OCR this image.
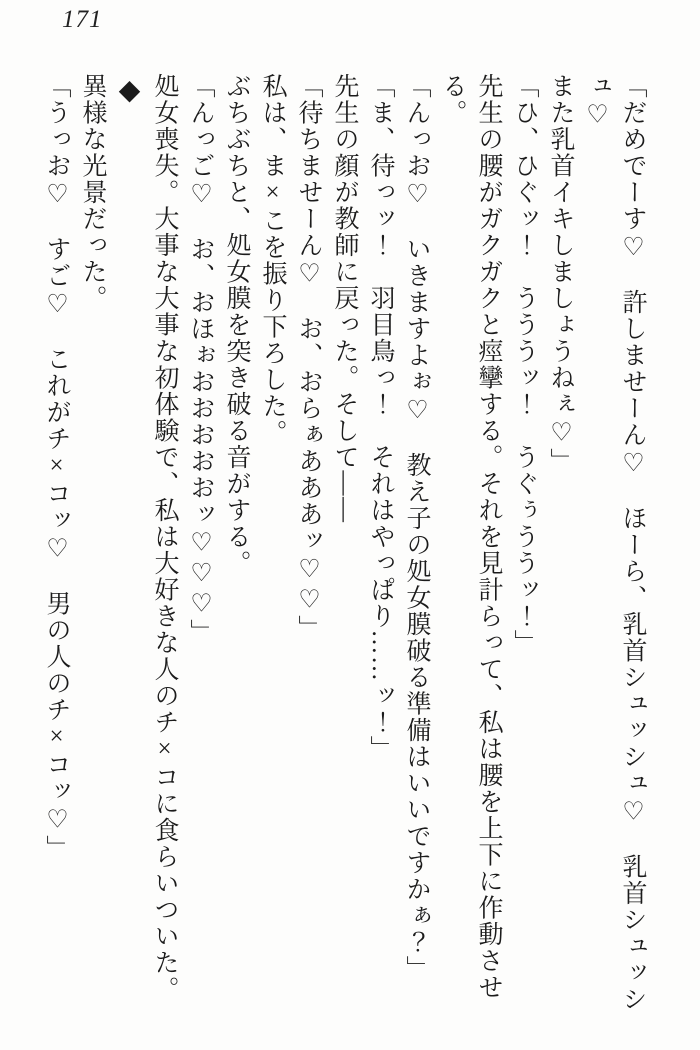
171

「だめでーす♡　許しませーん♡　ほーら、乳首シュッシュ♡　乳首シュッシュ♡

また乳首イキしましょうねぇ♡」

「ひ、ひぐッ！　うううッ！　うぐぅううッ！」

先生の腰がガクガクと痙攣する。それを見計らって、私は腰を上下に作動させる。

「んっお♡　いきますよぉ♡　教え子の処女膜破る準備はいいですかぁ？」

「ま、待っッ！　羽目鳥っ！　それはやっぱり……ッ！」

先生の顔が教師に戻った。そして――

「待ちませーん♡　お、おらぁあああッ♡♡」

私は、ま×こを振り下ろした。

ぶちぶちと、処女膜を突き破る音がする。

「んっご♡　お、おほぉおおおおおッ♡♡♡」

処女喪失。大事な大事な初体験で、私は大好きな人のチ×コに食らいついた。

◆

異様な光景だった。

「うっお♡　すご♡　これがチ×コッ♡　男の人のチ×コッ♡」
